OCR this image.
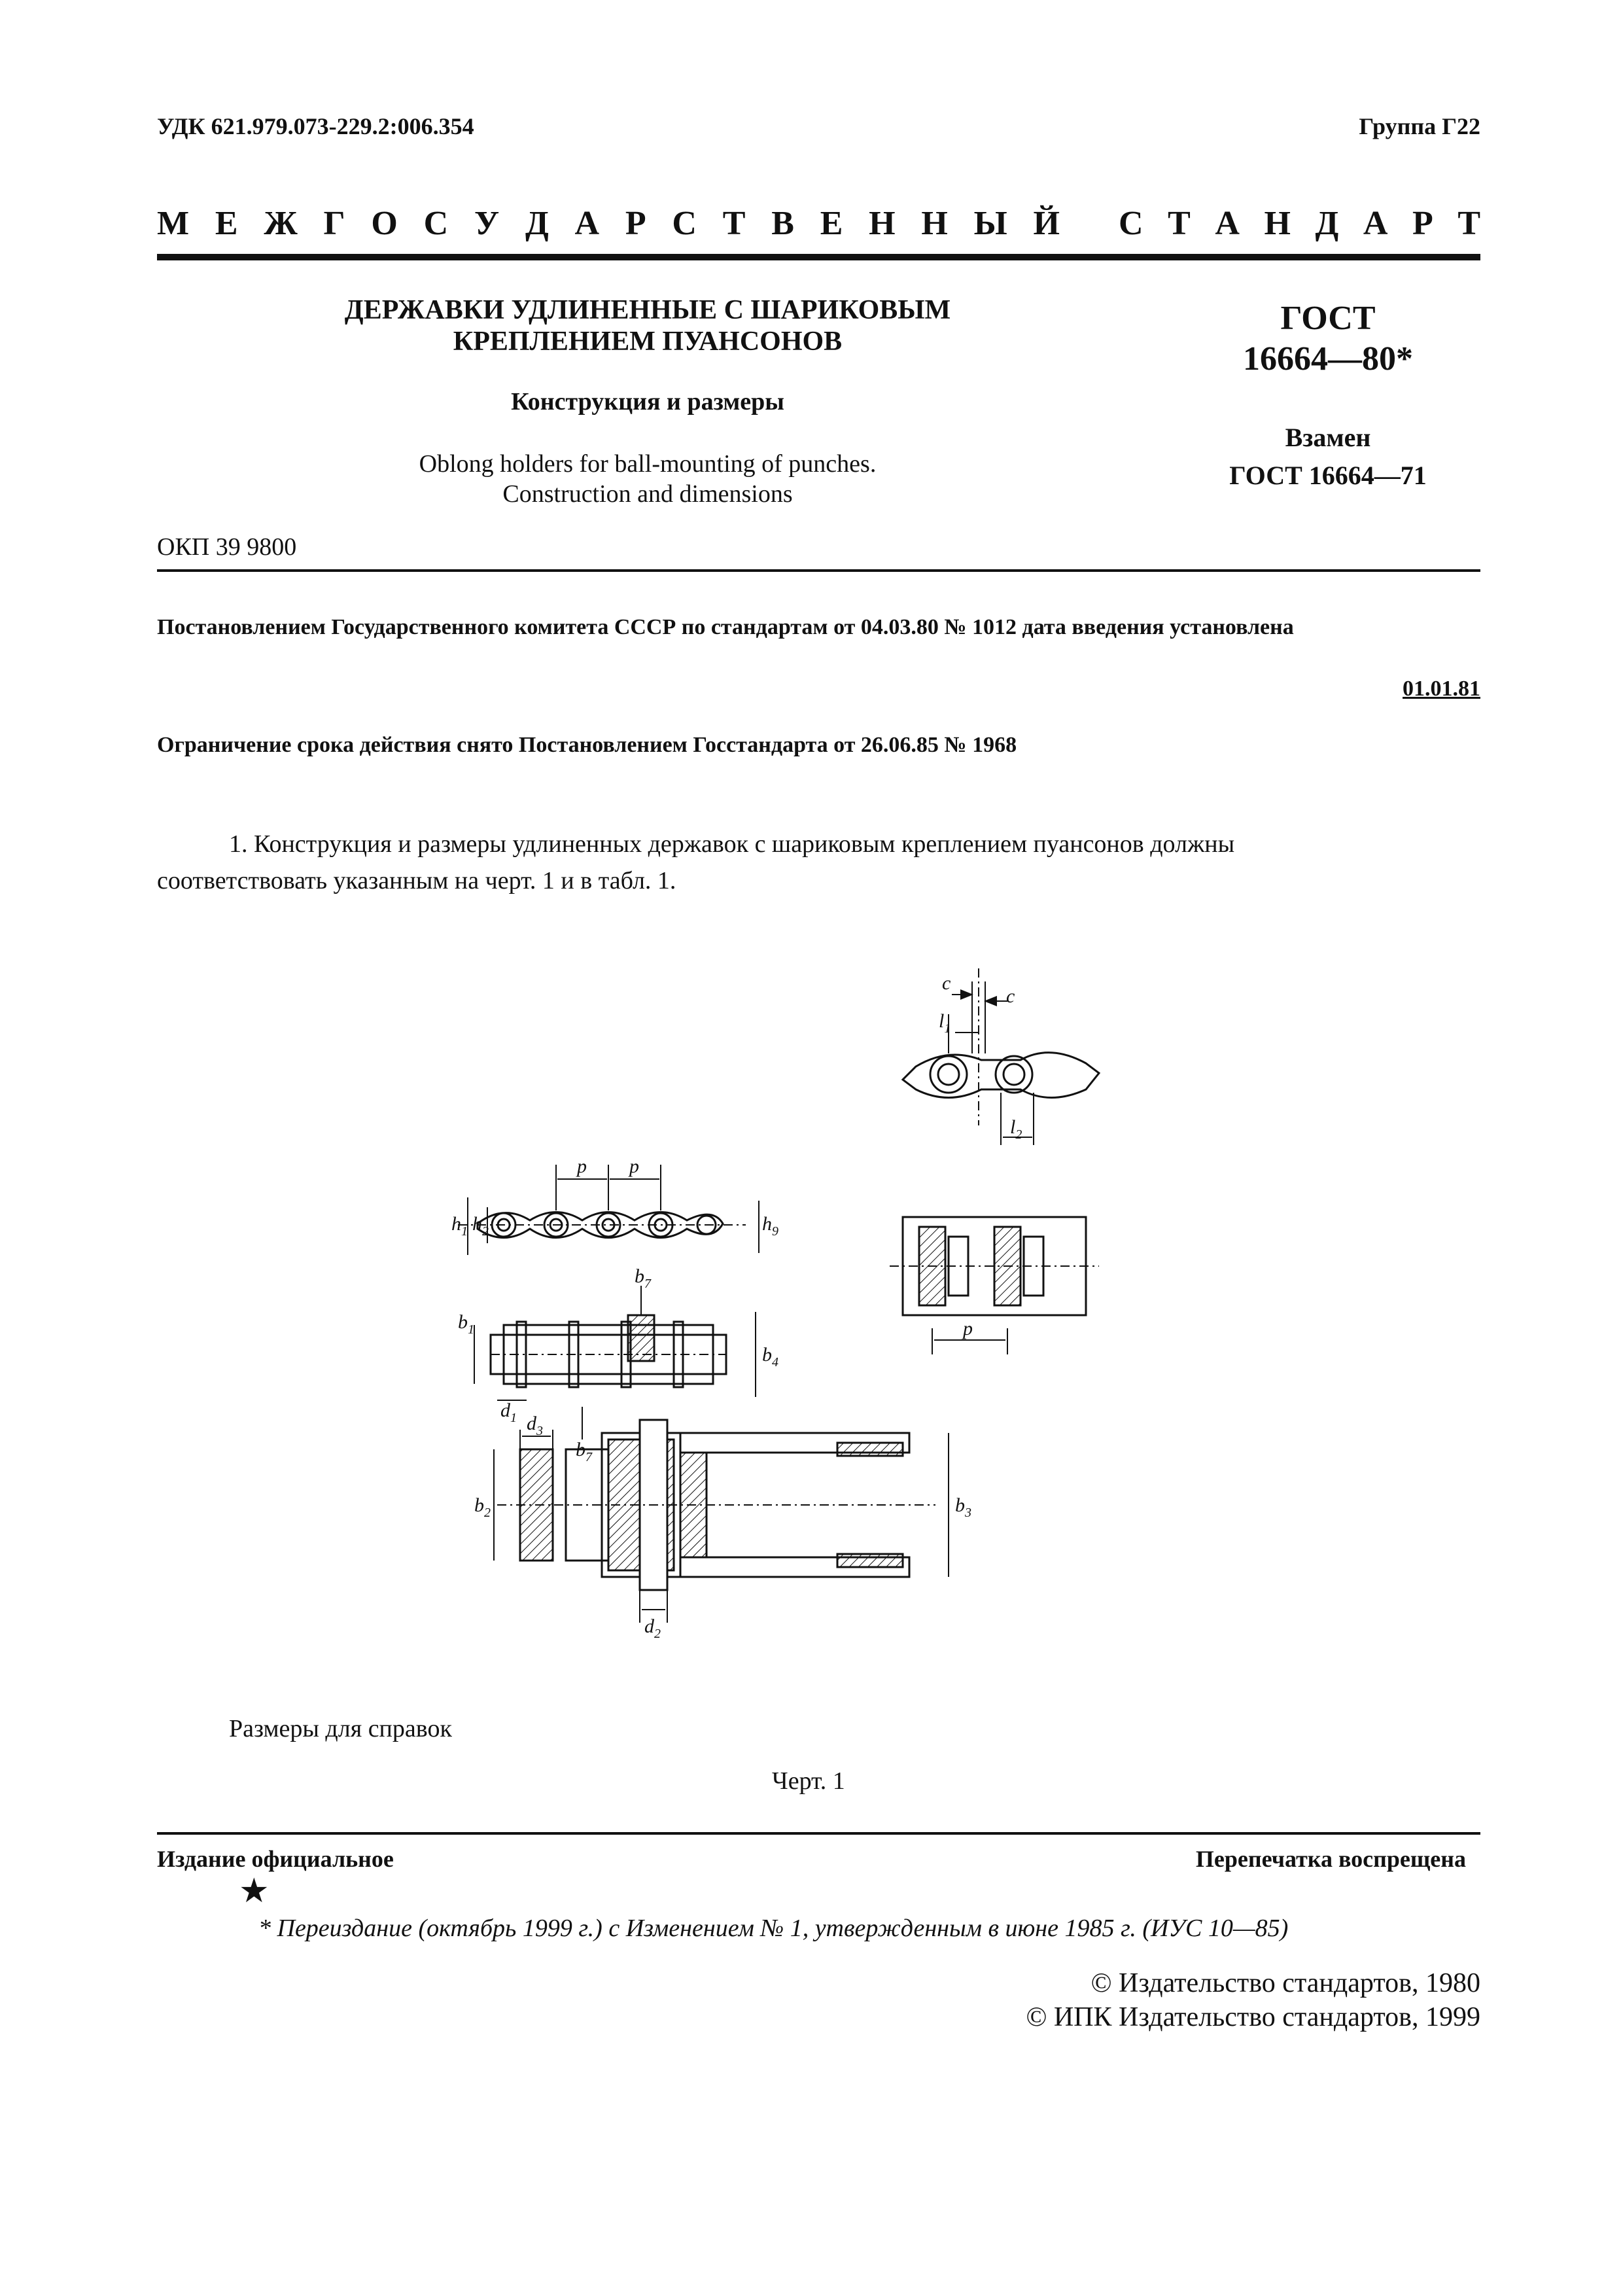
УДК 621.979.073-229.2:006.354	Группа Г22
М Е Ж Г О С У Д А Р С Т В Е Н Н Ы Й С Т А Н Д А Р Т
ДЕРЖАВКИ УДЛИНЕННЫЕ С ШАРИКОВЫМ
КРЕПЛЕНИЕМ ПУАНСОНОВ
Конструкция и размеры
Oblong holders for ball-mounting of punches.
Construction and dimensions
ГОСТ
16664—80*
Взамен
ГОСТ 16664—71
ОКП 39 9800
Постановлением Государственного комитета СССР по стандартам от 04.03.80 № 1012 дата введения установлена
01.01.81
Ограничение срока действия снято Постановлением Госстандарта от 26.06.85 № 1968
1. Конструкция и размеры удлиненных державок с шариковым креплением пуансонов должны
соответствовать указанным на черт. 1 и в табл. 1.
c
c
$l_1$
$l_2$
p p
$h_1$ $h_2$	$h_9$
$b_7$
$b_1$
$b_4$
$d_1$
$b_7$
p
$d_3$
$d_2$
$b_2$	$b_3$
Размеры для справок
Черт. 1
Издание официальное	Перепечатка воспрещена
★
* Переиздание (октябрь 1999 г.) с Изменением № 1, утвержденным в июне 1985 г. (ИУС 10—85)
© Издательство стандартов, 1980
© ИПК Издательство стандартов, 1999
